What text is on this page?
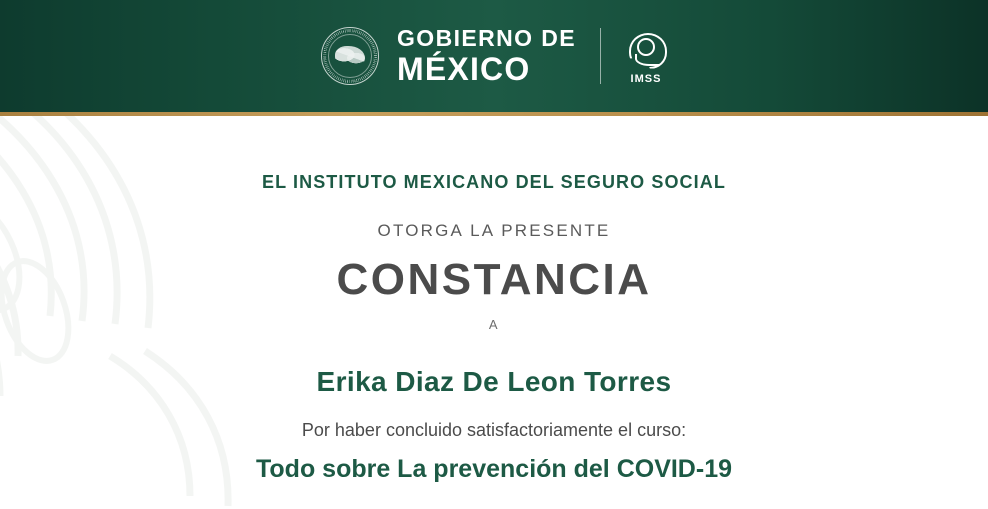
GOBIERNO DE
MÉXICO	IMSS
EL INSTITUTO MEXICANO DEL SEGURO SOCIAL
OTORGA LA PRESENTE
CONSTANCIA
A
Erika Diaz De Leon Torres
Por haber concluido satisfactoriamente el curso:
Todo sobre La prevención del COVID-19
